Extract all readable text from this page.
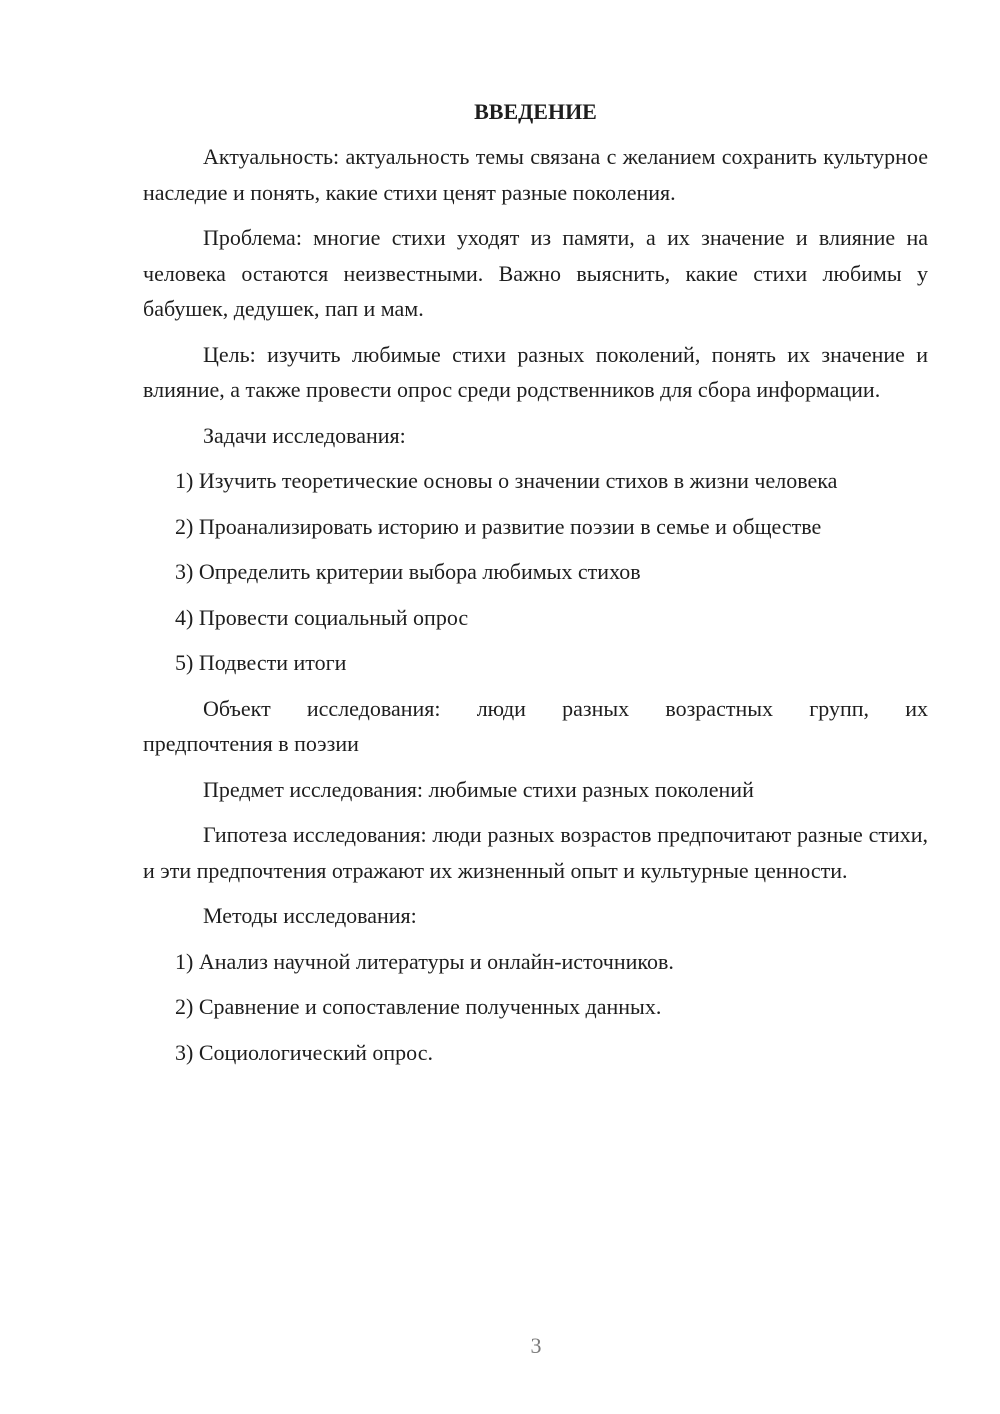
ВВЕДЕНИЕ
Актуальность: актуальность темы связана с желанием сохранить культурное наследие и понять, какие стихи ценят разные поколения.
Проблема: многие стихи уходят из памяти, а их значение и влияние на человека остаются неизвестными. Важно выяснить, какие стихи любимы у бабушек, дедушек, пап и мам.
Цель: изучить любимые стихи разных поколений, понять их значение и влияние, а также провести опрос среди родственников для сбора информации.
Задачи исследования:
1) Изучить теоретические основы о значении стихов в жизни человека
2) Проанализировать историю и развитие поэзии в семье и обществе
3) Определить критерии выбора любимых стихов
4) Провести социальный опрос
5) Подвести итоги
Объект исследования: люди разных возрастных групп, их
предпочтения в поэзии
Предмет исследования: любимые стихи разных поколений
Гипотеза исследования: люди разных возрастов предпочитают разные стихи, и эти предпочтения отражают их жизненный опыт и культурные ценности.
Методы исследования:
1) Анализ научной литературы и онлайн-источников.
2) Сравнение и сопоставление полученных данных.
3) Социологический опрос.
3
